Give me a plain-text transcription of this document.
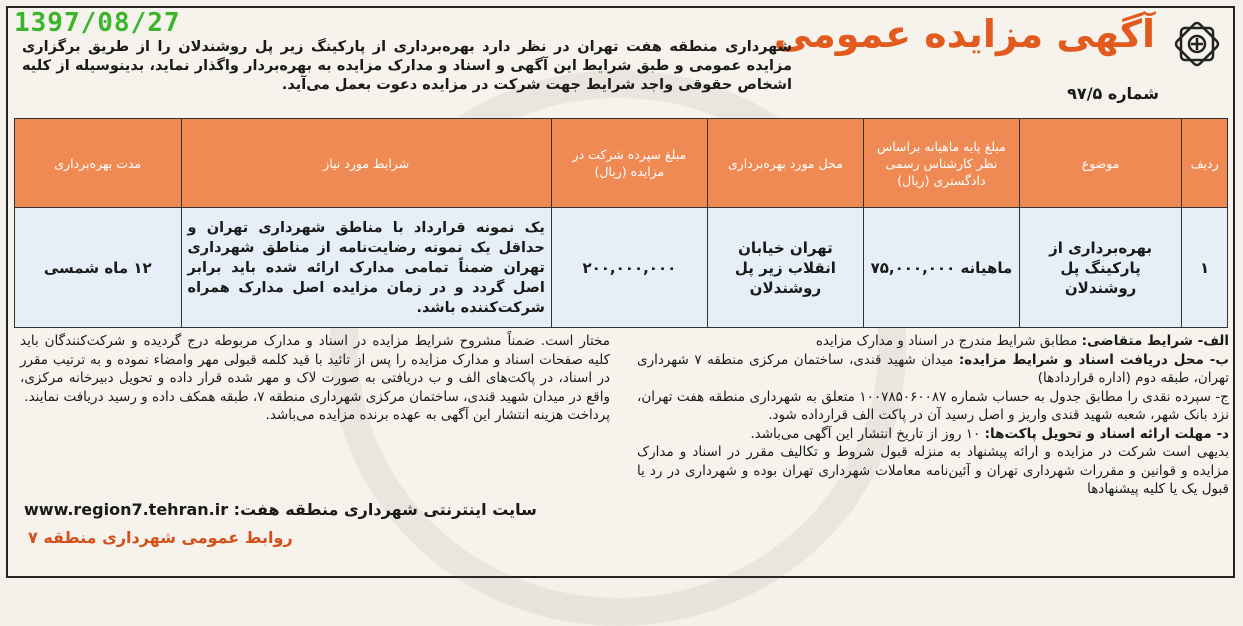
1397/08/27	آگهی مزایده عمومی
شماره ۹۷/۵
شهرداری منطقه هفت تهران در نظر دارد بهره‌برداری از پارکینگ زیر پل روشندلان را از طریق برگزاری مزایده عمومی و طبق شرایط این آگهی و اسناد و مدارک مزایده به بهره‌بردار واگذار نماید، بدینوسیله از کلیه اشخاص حقوقی واجد شرایط جهت شرکت در مزایده دعوت بعمل می‌آید.
ردیف	موضوع	مبلغ پایه ماهیانه براساس نظر کارشناس رسمی دادگستری (ریال)	محل مورد بهره‌برداری	مبلغ سپرده شرکت در مزایده (ریال)	شرایط مورد نیاز	مدت بهره‌برداری
۱	بهره‌برداری از پارکینگ پل روشندلان	ماهیانه ۷۵,۰۰۰,۰۰۰	تهران خیابان انقلاب زیر پل روشندلان	۲۰۰,۰۰۰,۰۰۰	یک نمونه قرارداد با مناطق شهرداری تهران و حداقل یک نمونه رضایت‌نامه از مناطق شهرداری تهران ضمناً تمامی مدارک ارائه شده باید برابر اصل گردد و در زمان مزایده اصل مدارک همراه شرکت‌کننده باشد.	۱۲ ماه شمسی

الف- شرایط متقاضی: مطابق شرایط مندرج در اسناد و مدارک مزایده

ب- محل دریافت اسناد و شرایط مزایده: میدان شهید قندی، ساختمان مرکزی منطقه ۷ شهرداری تهران، طبقه دوم (اداره قراردادها)

ج- سپرده نقدی را مطابق جدول به حساب شماره ۱۰۰۷۸۵۰۶۰۰۸۷ متعلق به شهرداری منطقه هفت تهران، نزد بانک شهر، شعبه شهید قندی واریز و اصل رسید آن در پاکت الف قرارداده شود.

د- مهلت ارائه اسناد و تحویل پاکت‌ها: ۱۰ روز از تاریخ انتشار این آگهی می‌باشد.

بدیهی است شرکت در مزایده و ارائه پیشنهاد به منزله قبول شروط و تکالیف مقرر در اسناد و مدارک مزایده و قوانین و مقررات شهرداری تهران و آئین‌نامه معاملات شهرداری تهران بوده و شهرداری در رد یا قبول یک یا کلیه پیشنهادها

مختار است. ضمناً مشروح شرایط مزایده در اسناد و مدارک مربوطه درج گردیده و شرکت‌کنندگان باید کلیه صفحات اسناد و مدارک مزایده را پس از تائید با قید کلمه قبولی مهر وامضاء نموده و به ترتیب مقرر در اسناد، در پاکت‌های الف و ب دریافتی به صورت لاک و مهر شده قرار داده و تحویل دبیرخانه مرکزی، واقع در میدان شهید قندی، ساختمان مرکزی شهرداری منطقه ۷، طبقه همکف داده و رسید دریافت نمایند.

پرداخت هزینه انتشار این آگهی به عهده برنده مزایده می‌باشد.

سایت اینترنتی شهرداری منطقه هفت: www.region7.tehran.ir
روابط عمومی شهرداری منطقه ۷
